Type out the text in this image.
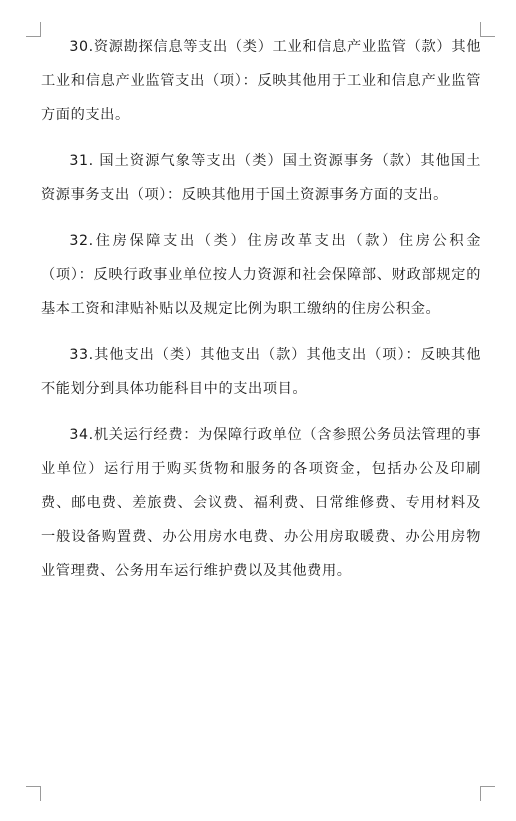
30.资源勘探信息等支出（类）工业和信息产业监管（款）其他工业和信息产业监管支出（项）：反映其他用于工业和信息产业监管方面的支出。

31. 国土资源气象等支出（类）国土资源事务（款）其他国土资源事务支出（项）：反映其他用于国土资源事务方面的支出。

32.住房保障支出（类）住房改革支出（款）住房公积金（项）：反映行政事业单位按人力资源和社会保障部、财政部规定的基本工资和津贴补贴以及规定比例为职工缴纳的住房公积金。

33.其他支出（类）其他支出（款）其他支出（项）：反映其他不能划分到具体功能科目中的支出项目。

34.机关运行经费：为保障行政单位（含参照公务员法管理的事业单位）运行用于购买货物和服务的各项资金，包括办公及印刷费、邮电费、差旅费、会议费、福利费、日常维修费、专用材料及一般设备购置费、办公用房水电费、办公用房取暖费、办公用房物业管理费、公务用车运行维护费以及其他费用。
